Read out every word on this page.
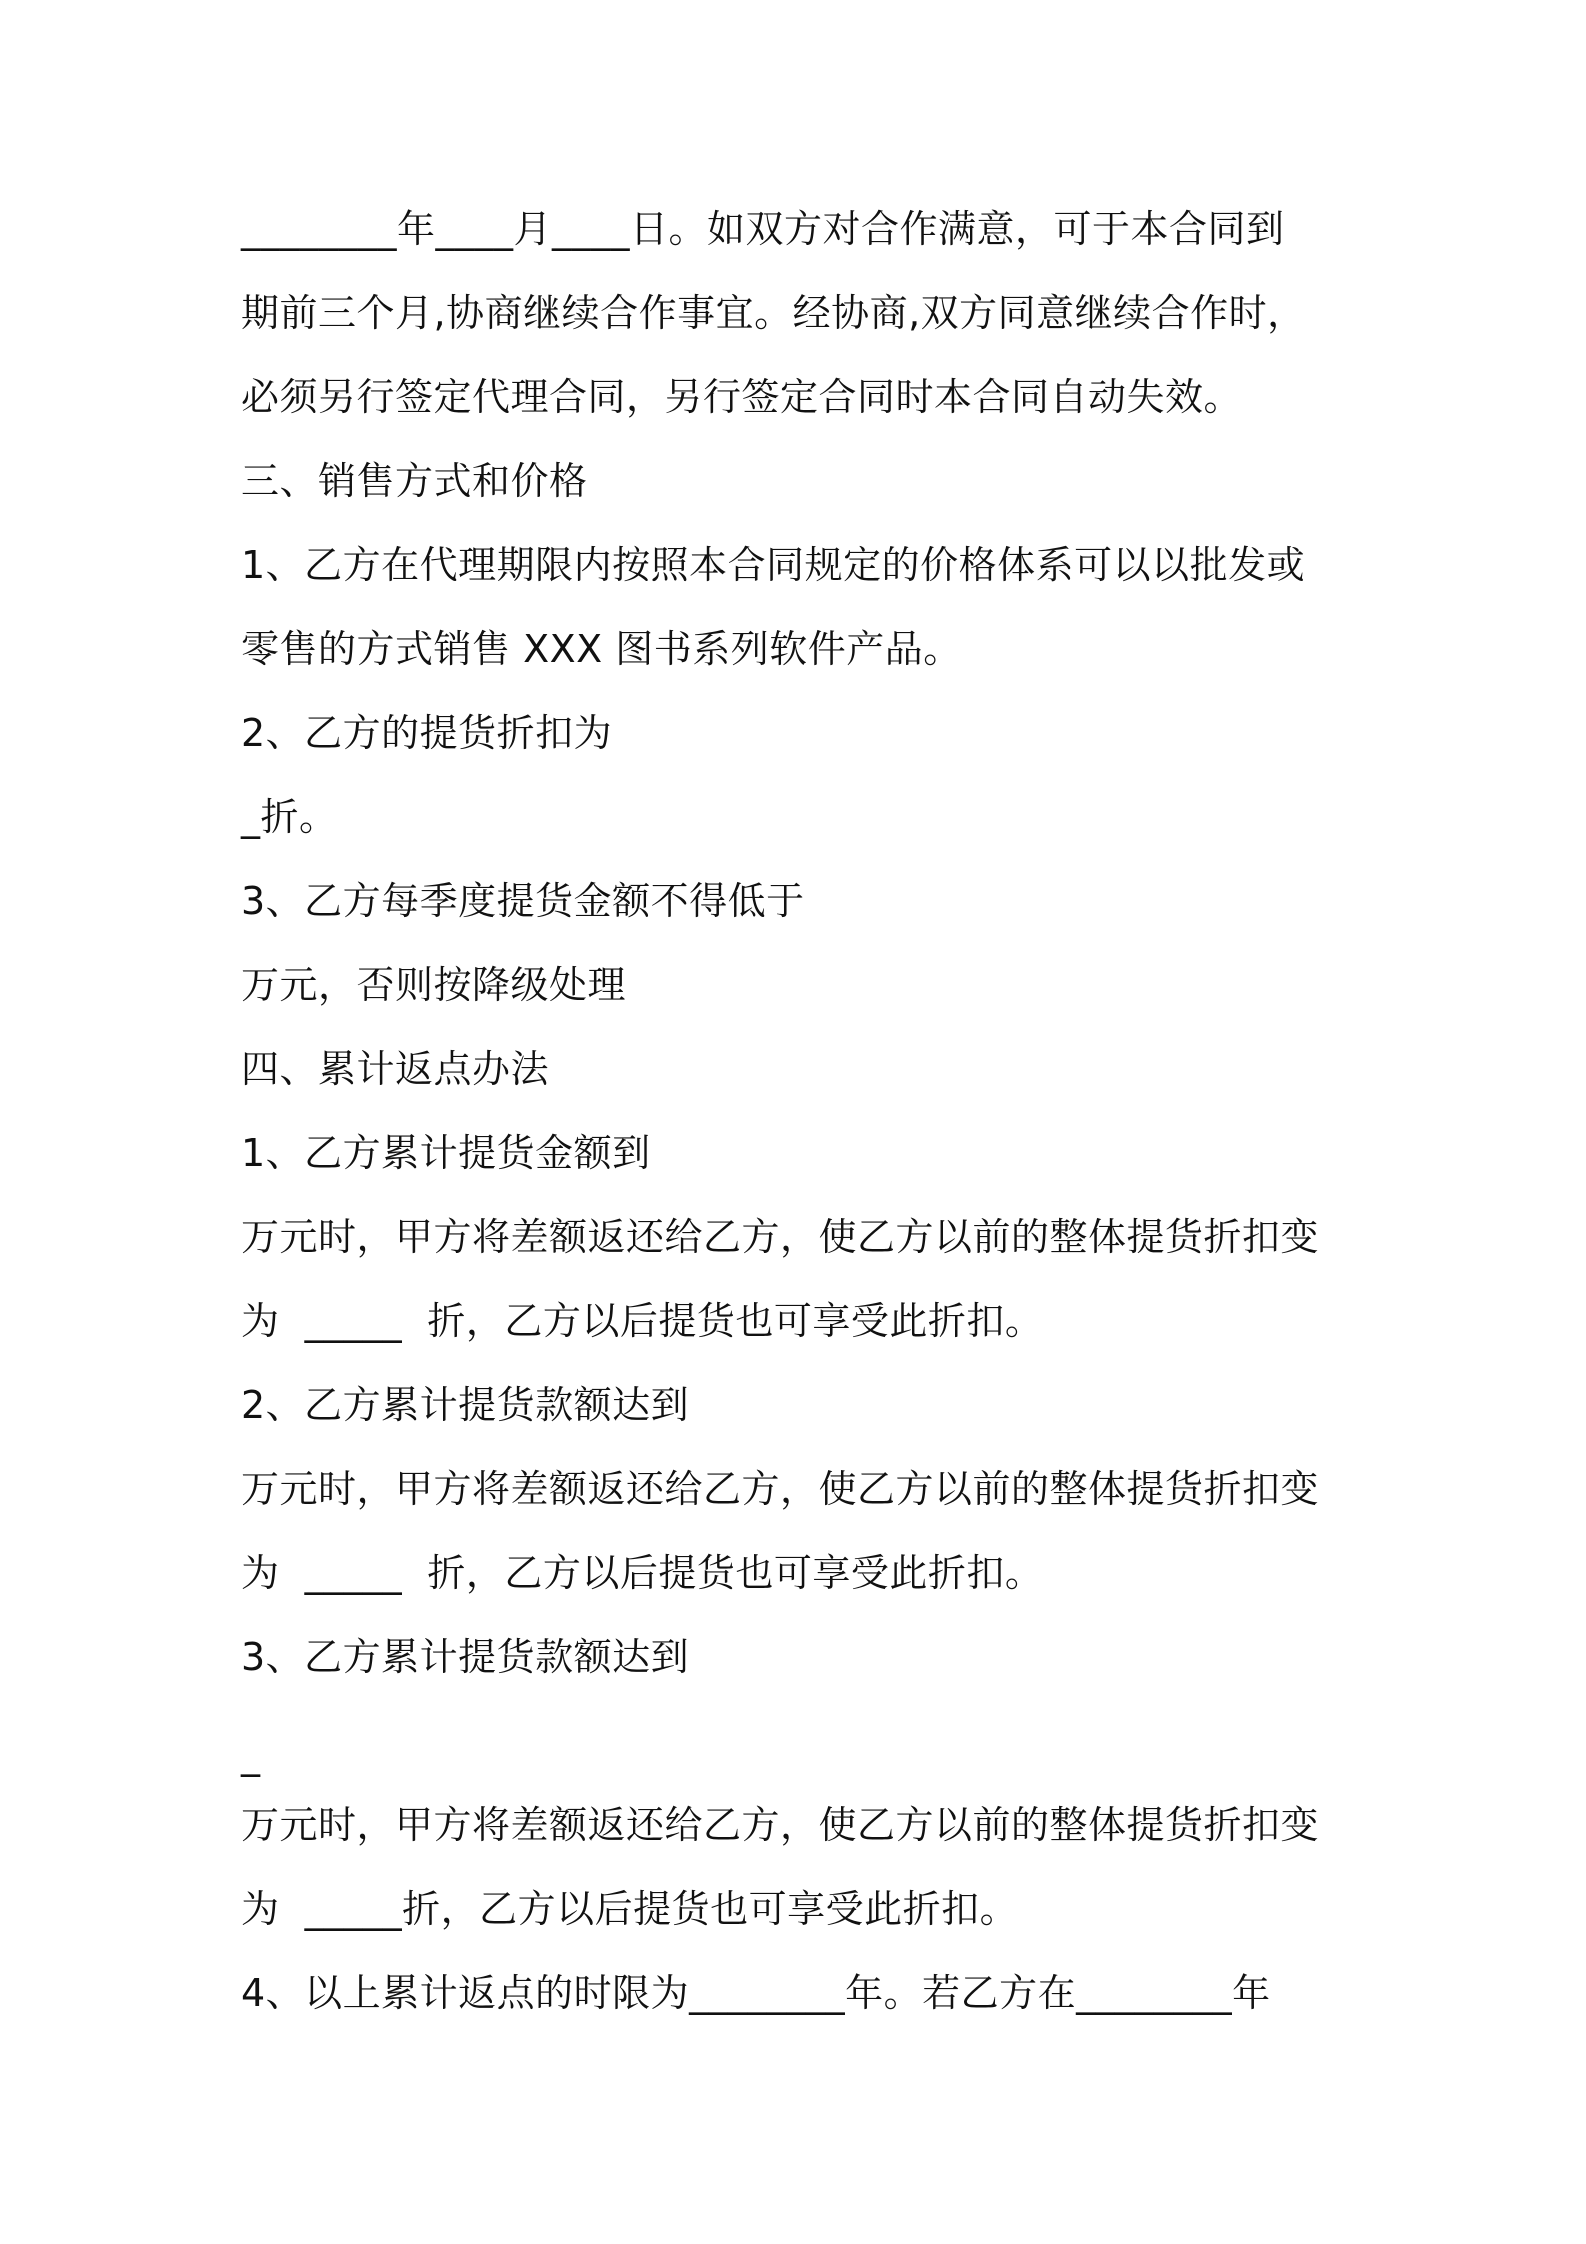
________年____月____日。如双方对合作满意，可于本合同到
期前三个月,协商继续合作事宜。经协商,双方同意继续合作时，
必须另行签定代理合同，另行签定合同时本合同自动失效。
三、销售方式和价格
1、乙方在代理期限内按照本合同规定的价格体系可以以批发或
零售的方式销售 XXX 图书系列软件产品。
2、乙方的提货折扣为
_折。
3、乙方每季度提货金额不得低于
万元，否则按降级处理
四、累计返点办法
1、乙方累计提货金额到
万元时，甲方将差额返还给乙方，使乙方以前的整体提货折扣变
为  _____  折，乙方以后提货也可享受此折扣。
2、乙方累计提货款额达到
万元时，甲方将差额返还给乙方，使乙方以前的整体提货折扣变
为  _____  折，乙方以后提货也可享受此折扣。
3、乙方累计提货款额达到
_
万元时，甲方将差额返还给乙方，使乙方以前的整体提货折扣变
为  _____折，乙方以后提货也可享受此折扣。
4、以上累计返点的时限为________年。若乙方在________年
